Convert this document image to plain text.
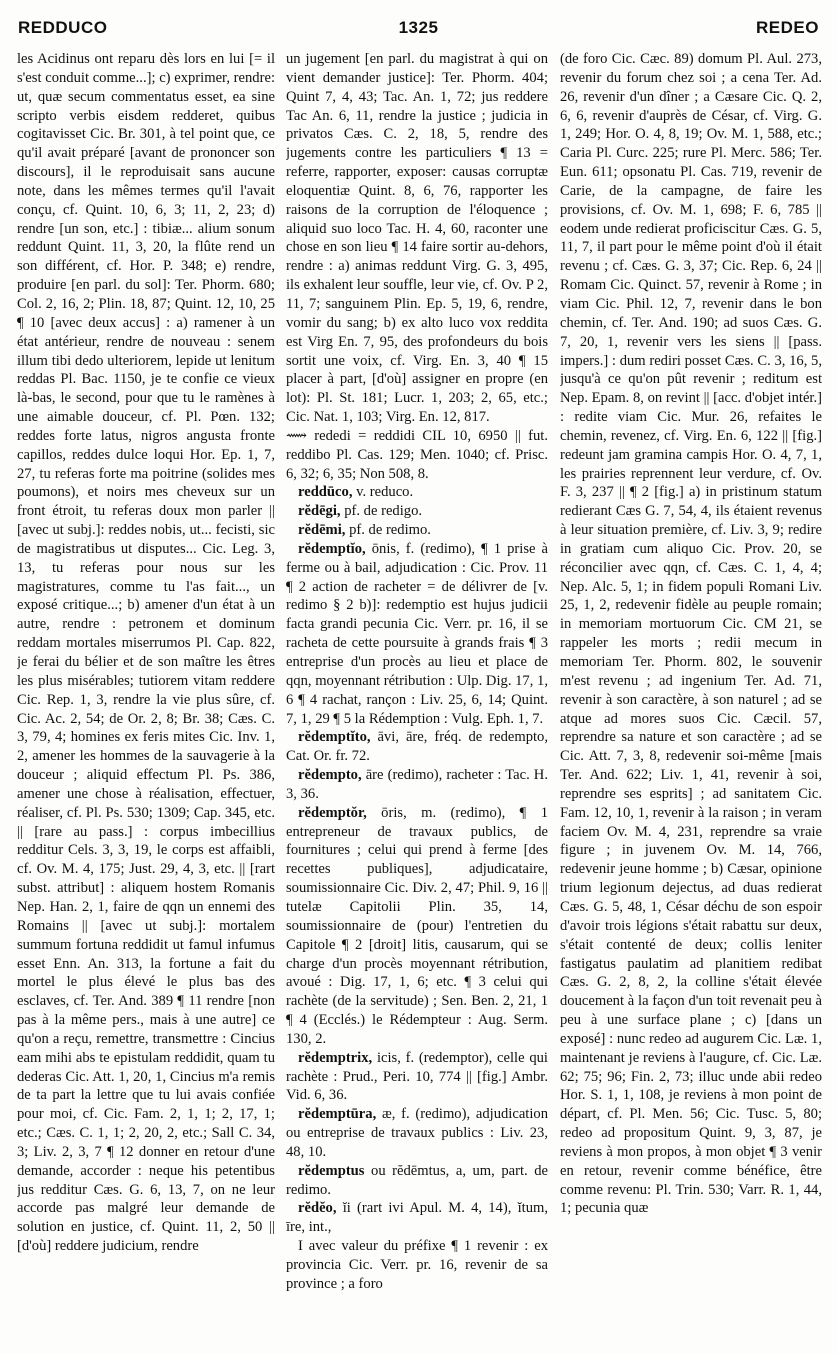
1325
REDDUCO	REDEO

les Acidinus ont reparu dès lors en lui [= il s'est conduit comme...]; c) exprimer, rendre: ut, quæ secum commentatus esset, ea sine scripto verbis eisdem redderet, quibus cogitavisset Cic. Br. 301, à tel point que, ce qu'il avait préparé [avant de prononcer son discours], il le reproduisait sans aucune note, dans les mêmes termes qu'il l'avait conçu, cf. Quint. 10, 6, 3; 11, 2, 23; d) rendre [un son, etc.] : tibiæ... alium sonum reddunt Quint. 11, 3, 20, la flûte rend un son différent, cf. Hor. P. 348; e) rendre, produire [en parl. du sol]: Ter. Phorm. 680; Col. 2, 16, 2; Plin. 18, 87; Quint. 12, 10, 25 ¶ 10 [avec deux accus] : a) ramener à un état antérieur, rendre de nouveau : senem illum tibi dedo ulteriorem, lepide ut lenitum reddas Pl. Bac. 1150, je te confie ce vieux là-bas, le second, pour que tu le ramènes à une aimable douceur, cf. Pl. Pœn. 132; reddes forte latus, nigros angusta fronte capillos, reddes dulce loqui Hor. Ep. 1, 7, 27, tu referas forte ma poitrine (solides mes poumons), et noirs mes cheveux sur un front étroit, tu referas doux mon parler || [avec ut subj.]: reddes nobis, ut... fecisti, sic de magistratibus ut disputes... Cic. Leg. 3, 13, tu referas pour nous sur les magistratures, comme tu l'as fait..., un exposé critique...; b) amener d'un état à un autre, rendre : petronem et dominum reddam mortales miserrumos Pl. Cap. 822, je ferai du bélier et de son maître les êtres les plus misérables; tutiorem vitam reddere Cic. Rep. 1, 3, rendre la vie plus sûre, cf. Cic. Ac. 2, 54; de Or. 2, 8; Br. 38; Cæs. C. 3, 79, 4; homines ex feris mites Cic. Inv. 1, 2, amener les hommes de la sauvagerie à la douceur ; aliquid effectum Pl. Ps. 386, amener une chose à réalisation, effectuer, réaliser, cf. Pl. Ps. 530; 1309; Cap. 345, etc. || [rare au pass.] : corpus imbecillius redditur Cels. 3, 3, 19, le corps est affaibli, cf. Ov. M. 4, 175; Just. 29, 4, 3, etc. || [rart subst. attribut] : aliquem hostem Romanis Nep. Han. 2, 1, faire de qqn un ennemi des Romains || [avec ut subj.]: mortalem summum fortuna reddidit ut famul infumus esset Enn. An. 313, la fortune a fait du mortel le plus élevé le plus bas des esclaves, cf. Ter. And. 389 ¶ 11 rendre [non pas à la même pers., mais à une autre] ce qu'on a reçu, remettre, transmettre : Cincius eam mihi abs te epistulam reddidit, quam tu dederas Cic. Att. 1, 20, 1, Cincius m'a remis de ta part la lettre que tu lui avais confiée pour moi, cf. Cic. Fam. 2, 1, 1; 2, 17, 1; etc.; Cæs. C. 1, 1; 2, 20, 2, etc.; Sall C. 34, 3; Liv. 2, 3, 7 ¶ 12 donner en retour d'une demande, accorder : neque his petentibus jus redditur Cæs. G. 6, 13, 7, on ne leur accorde pas malgré leur demande de solution en justice, cf. Quint. 11, 2, 50 || [d'où] reddere judicium, rendre

un jugement [en parl. du magistrat à qui on vient demander justice]: Ter. Phorm. 404; Quint 7, 4, 43; Tac. An. 1, 72; jus reddere Tac An. 6, 11, rendre la justice ; judicia in privatos Cæs. C. 2, 18, 5, rendre des jugements contre les particuliers ¶ 13 = referre, rapporter, exposer: causas corruptæ eloquentiæ Quint. 8, 6, 76, rapporter les raisons de la corruption de l'éloquence ; aliquid suo loco Tac. H. 4, 60, raconter une chose en son lieu ¶ 14 faire sortir au-dehors, rendre : a) animas reddunt Virg. G. 3, 495, ils exhalent leur souffle, leur vie, cf. Ov. P 2, 11, 7; sanguinem Plin. Ep. 5, 19, 6, rendre, vomir du sang; b) ex alto luco vox reddita est Virg En. 7, 95, des profondeurs du bois sortit une voix, cf. Virg. En. 3, 40 ¶ 15 placer à part, [d'où] assigner en propre (en lot): Pl. St. 181; Lucr. 1, 203; 2, 65, etc.; Cic. Nat. 1, 103; Virg. En. 12, 817.

⟿ rededi = reddidi CIL 10, 6950 || fut. reddibo Pl. Cas. 129; Men. 1040; cf. Prisc. 6, 32; 6, 35; Non 508, 8.

reddūco, v. reduco.

rĕdēgi, pf. de redigo.

rĕdēmi, pf. de redimo.

rĕdemptĭo, ōnis, f. (redimo), ¶ 1 prise à ferme ou à bail, adjudication : Cic. Prov. 11 ¶ 2 action de racheter = de délivrer de [v. redimo § 2 b)]: redemptio est hujus judicii facta grandi pecunia Cic. Verr. pr. 16, il se racheta de cette poursuite à grands frais ¶ 3 entreprise d'un procès au lieu et place de qqn, moyennant rétribution : Ulp. Dig. 17, 1, 6 ¶ 4 rachat, rançon : Liv. 25, 6, 14; Quint. 7, 1, 29 ¶ 5 la Rédemption : Vulg. Eph. 1, 7.

rĕdemptĭto, āvi, āre, fréq. de redempto, Cat. Or. fr. 72.

rĕdempto, āre (redimo), racheter : Tac. H. 3, 36.

rĕdemptŏr, ōris, m. (redimo), ¶ 1 entrepreneur de travaux publics, de fournitures ; celui qui prend à ferme [des recettes publiques], adjudicataire, soumissionnaire Cic. Div. 2, 47; Phil. 9, 16 || tutelæ Capitolii Plin. 35, 14, soumissionnaire de (pour) l'entretien du Capitole ¶ 2 [droit] litis, causarum, qui se charge d'un procès moyennant rétribution, avoué : Dig. 17, 1, 6; etc. ¶ 3 celui qui rachète (de la servitude) ; Sen. Ben. 2, 21, 1 ¶ 4 (Ecclés.) le Rédempteur : Aug. Serm. 130, 2.

rĕdemptrix, icis, f. (redemptor), celle qui rachète : Prud., Peri. 10, 774 || [fig.] Ambr. Vid. 6, 36.

rĕdemptūra, æ, f. (redimo), adjudication ou entreprise de travaux publics : Liv. 23, 48, 10.

rĕdemptus ou rĕdēmtus, a, um, part. de redimo.

rĕdĕo, ĭi (rart ivi Apul. M. 4, 14), ĭtum, īre, int.,

I avec valeur du préfixe ¶ 1 revenir : ex provincia Cic. Verr. pr. 16, revenir de sa province ; a foro

(de foro Cic. Cæc. 89) domum Pl. Aul. 273, revenir du forum chez soi ; a cena Ter. Ad. 26, revenir d'un dîner ; a Cæsare Cic. Q. 2, 6, 6, revenir d'auprès de César, cf. Virg. G. 1, 249; Hor. O. 4, 8, 19; Ov. M. 1, 588, etc.; Caria Pl. Curc. 225; rure Pl. Merc. 586; Ter. Eun. 611; opsonatu Pl. Cas. 719, revenir de Carie, de la campagne, de faire les provisions, cf. Ov. M. 1, 698; F. 6, 785 || eodem unde redierat proficiscitur Cæs. G. 5, 11, 7, il part pour le même point d'où il était revenu ; cf. Cæs. G. 3, 37; Cic. Rep. 6, 24 || Romam Cic. Quinct. 57, revenir à Rome ; in viam Cic. Phil. 12, 7, revenir dans le bon chemin, cf. Ter. And. 190; ad suos Cæs. G. 7, 20, 1, revenir vers les siens || [pass. impers.] : dum rediri posset Cæs. C. 3, 16, 5, jusqu'à ce qu'on pût revenir ; reditum est Nep. Epam. 8, on revint || [acc. d'objet intér.] : redite viam Cic. Mur. 26, refaites le chemin, revenez, cf. Virg. En. 6, 122 || [fig.] redeunt jam gramina campis Hor. O. 4, 7, 1, les prairies reprennent leur verdure, cf. Ov. F. 3, 237 || ¶ 2 [fig.] a) in pristinum statum redierant Cæs G. 7, 54, 4, ils étaient revenus à leur situation première, cf. Liv. 3, 9; redire in gratiam cum aliquo Cic. Prov. 20, se réconcilier avec qqn, cf. Cæs. C. 1, 4, 4; Nep. Alc. 5, 1; in fidem populi Romani Liv. 25, 1, 2, redevenir fidèle au peuple romain; in memoriam mortuorum Cic. CM 21, se rappeler les morts ; redii mecum in memoriam Ter. Phorm. 802, le souvenir m'est revenu ; ad ingenium Ter. Ad. 71, revenir à son caractère, à son naturel ; ad se atque ad mores suos Cic. Cæcil. 57, reprendre sa nature et son caractère ; ad se Cic. Att. 7, 3, 8, redevenir soi-même [mais Ter. And. 622; Liv. 1, 41, revenir à soi, reprendre ses esprits] ; ad sanitatem Cic. Fam. 12, 10, 1, revenir à la raison ; in veram faciem Ov. M. 4, 231, reprendre sa vraie figure ; in juvenem Ov. M. 14, 766, redevenir jeune homme ; b) Cæsar, opinione trium legionum dejectus, ad duas redierat Cæs. G. 5, 48, 1, César déchu de son espoir d'avoir trois légions s'était rabattu sur deux, s'était contenté de deux; collis leniter fastigatus paulatim ad planitiem redibat Cæs. G. 2, 8, 2, la colline s'était élevée doucement à la façon d'un toit revenait peu à peu à une surface plane ; c) [dans un exposé] : nunc redeo ad augurem Cic. Læ. 1, maintenant je reviens à l'augure, cf. Cic. Læ. 62; 75; 96; Fin. 2, 73; illuc unde abii redeo Hor. S. 1, 1, 108, je reviens à mon point de départ, cf. Pl. Men. 56; Cic. Tusc. 5, 80; redeo ad propositum Quint. 9, 3, 87, je reviens à mon propos, à mon objet ¶ 3 venir en retour, revenir comme bénéfice, être comme revenu: Pl. Trin. 530; Varr. R. 1, 44, 1; pecunia quæ
